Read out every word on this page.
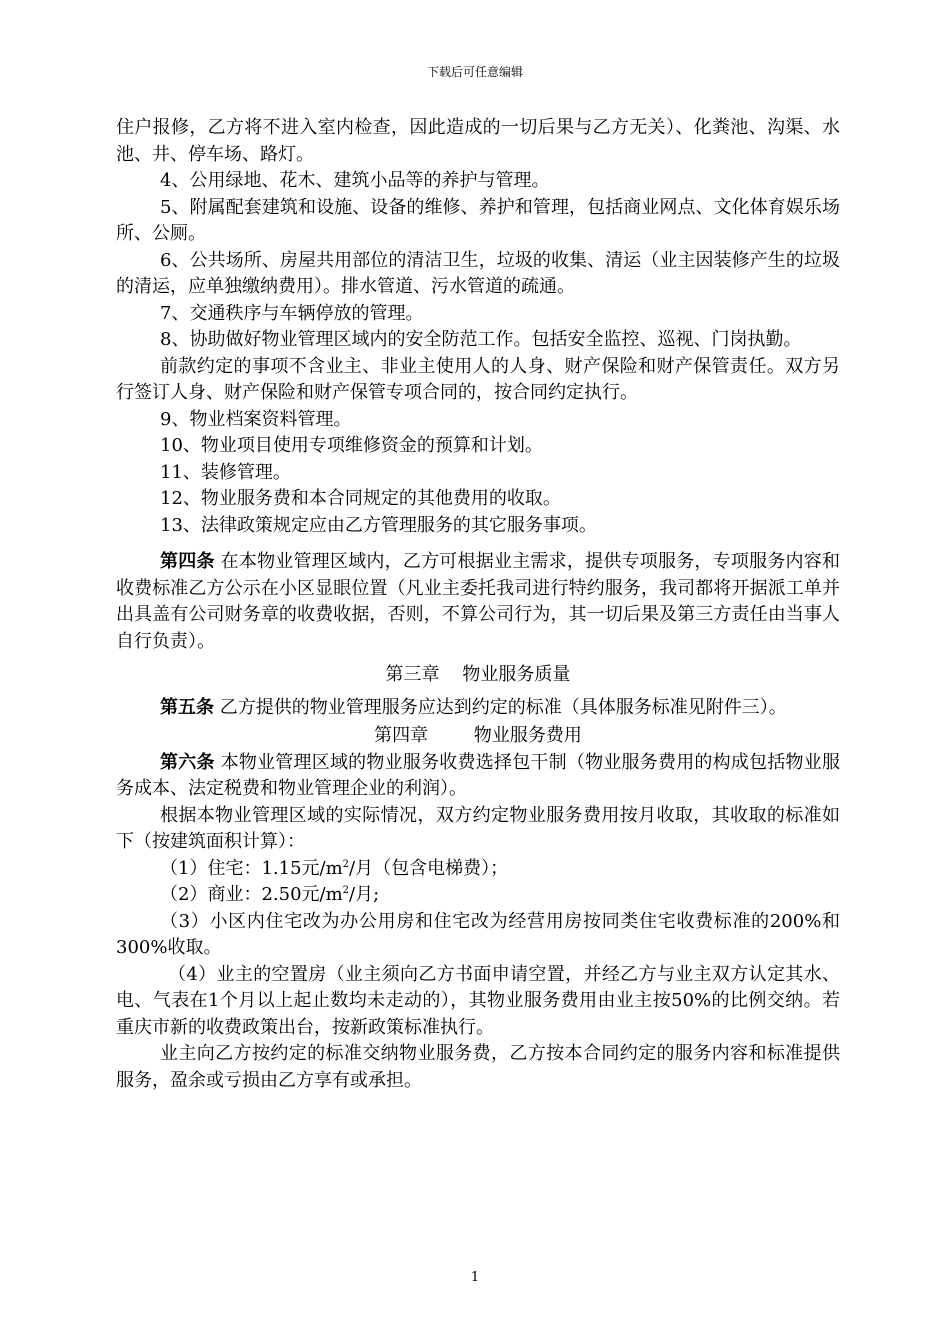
下载后可任意编辑

住户报修，乙方将不进入室内检查，因此造成的一切后果与乙方无关）、化粪池、沟渠、水池、井、停车场、路灯。

4、公用绿地、花木、建筑小品等的养护与管理。

5、附属配套建筑和设施、设备的维修、养护和管理，包括商业网点、文化体育娱乐场所、公厕。

6、公共场所、房屋共用部位的清洁卫生，垃圾的收集、清运（业主因装修产生的垃圾的清运，应单独缴纳费用）。排水管道、污水管道的疏通。

7、交通秩序与车辆停放的管理。

8、协助做好物业管理区域内的安全防范工作。包括安全监控、巡视、门岗执勤。

前款约定的事项不含业主、非业主使用人的人身、财产保险和财产保管责任。双方另行签订人身、财产保险和财产保管专项合同的，按合同约定执行。

9、物业档案资料管理。

10、物业项目使用专项维修资金的预算和计划。

11、装修管理。

12、物业服务费和本合同规定的其他费用的收取。

13、法律政策规定应由乙方管理服务的其它服务事项。

第四条 在本物业管理区域内，乙方可根据业主需求，提供专项服务，专项服务内容和收费标准乙方公示在小区显眼位置（凡业主委托我司进行特约服务，我司都将开据派工单并出具盖有公司财务章的收费收据，否则，不算公司行为，其一切后果及第三方责任由当事人自行负责）。

第三章    物业服务质量

第五条 乙方提供的物业管理服务应达到约定的标准（具体服务标准见附件三）。

第四章        物业服务费用

第六条 本物业管理区域的物业服务收费选择包干制（物业服务费用的构成包括物业服务成本、法定税费和物业管理企业的利润）。

根据本物业管理区域的实际情况，双方约定物业服务费用按月收取，其收取的标准如下（按建筑面积计算）：

（1）住宅：1.15元$/m^2/$月（包含电梯费）；

（2）商业：2.50元$/m^2/$月;

（3）小区内住宅改为办公用房和住宅改为经营用房按同类住宅收费标准的200%和300%收取。

（4）业主的空置房（业主须向乙方书面申请空置，并经乙方与业主双方认定其水、电、气表在1个月以上起止数均未走动的），其物业服务费用由业主按50%的比例交纳。若重庆市新的收费政策出台，按新政策标准执行。

业主向乙方按约定的标准交纳物业服务费，乙方按本合同约定的服务内容和标准提供服务，盈余或亏损由乙方享有或承担。

1
